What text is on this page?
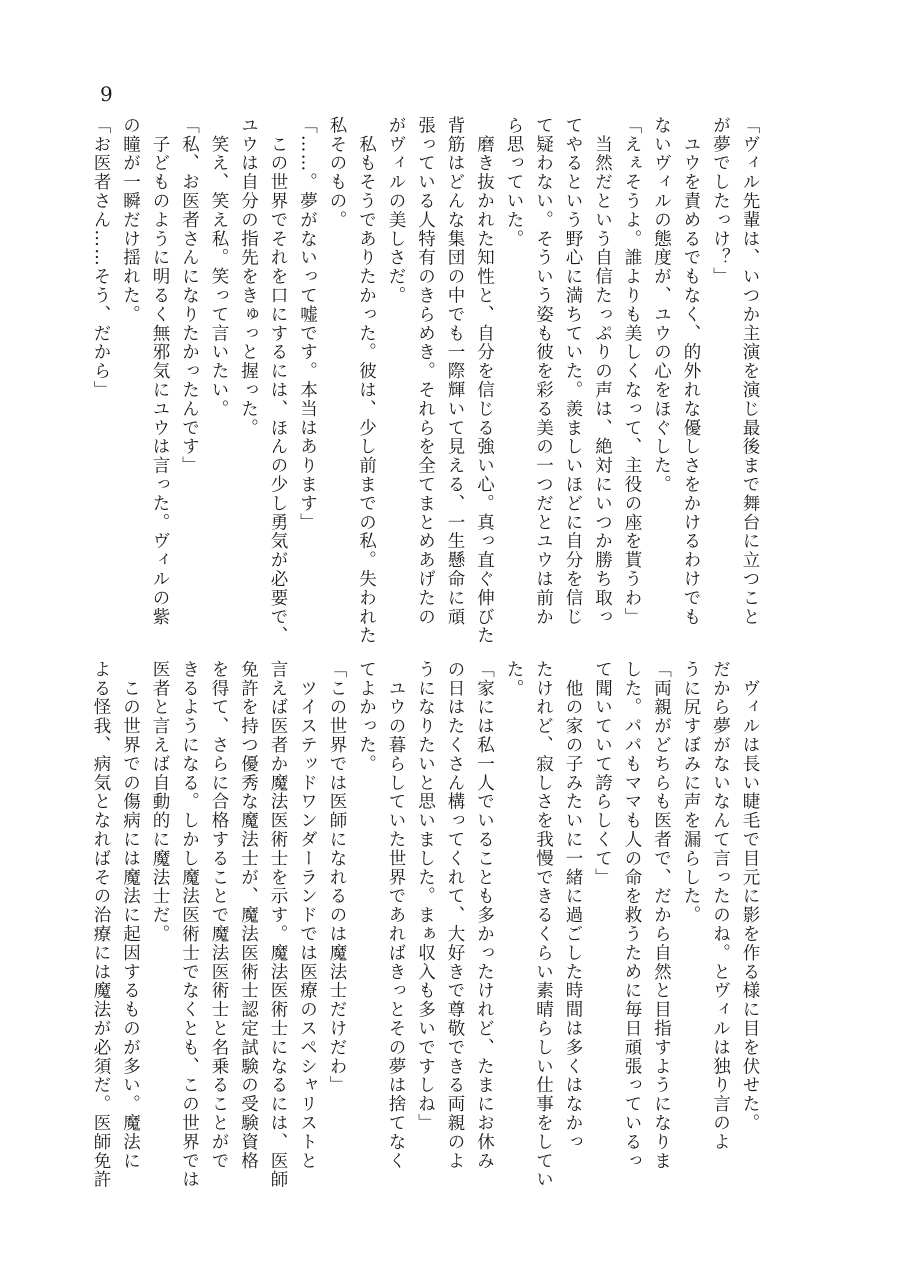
9
「ヴィル先輩は、いつか主演を演じ最後まで舞台に立つこと
が夢でしたっけ？」
　ユウを責めるでもなく、的外れな優しさをかけるわけでも
ないヴィルの態度が、ユウの心をほぐした。
「えぇそうよ。誰よりも美しくなって、主役の座を貰うわ」
　当然だという自信たっぷりの声は、絶対にいつか勝ち取っ
てやるという野心に満ちていた。羨ましいほどに自分を信じ
て疑わない。そういう姿も彼を彩る美の一つだとユウは前か
ら思っていた。
　磨き抜かれた知性と、自分を信じる強い心。真っ直ぐ伸びた
背筋はどんな集団の中でも一際輝いて見える、一生懸命に頑
張っている人特有のきらめき。それらを全てまとめあげたの
がヴィルの美しさだ。
　私もそうでありたかった。彼は、少し前までの私。失われた
私そのもの。
「……。夢がないって嘘です。本当はあります」
　この世界でそれを口にするには、ほんの少し勇気が必要で、
ユウは自分の指先をきゅっと握った。
　笑え、笑え私。笑って言いたい。
「私、お医者さんになりたかったんです」
　子どものように明るく無邪気にユウは言った。ヴィルの紫
の瞳が一瞬だけ揺れた。
「お医者さん……そう、だから」
　ヴィルは長い睫毛で目元に影を作る様に目を伏せた。
だから夢がないなんて言ったのね。とヴィルは独り言のよ
うに尻すぼみに声を漏らした。
「両親がどちらも医者で、だから自然と目指すようになりま
した。パパもママも人の命を救うために毎日頑張っているっ
て聞いていて誇らしくて」
　他の家の子みたいに一緒に過ごした時間は多くはなかっ
たけれど、寂しさを我慢できるくらい素晴らしい仕事をしてい
た。
「家には私一人でいることも多かったけれど、たまにお休み
の日はたくさん構ってくれて、大好きで尊敬できる両親のよ
うになりたいと思いました。まぁ収入も多いですしね」
　ユウの暮らしていた世界であればきっとその夢は捨てなく
てよかった。
「この世界では医師になれるのは魔法士だけだわ」
　ツイステッドワンダーランドでは医療のスペシャリストと
言えば医者か魔法医術士を示す。魔法医術士になるには、医師
免許を持つ優秀な魔法士が、魔法医術士認定試験の受験資格
を得て、さらに合格することで魔法医術士と名乗ることがで
きるようになる。しかし魔法医術士でなくとも、この世界では
医者と言えば自動的に魔法士だ。
　この世界での傷病には魔法に起因するものが多い。魔法に
よる怪我、病気となればその治療には魔法が必須だ。医師免許
